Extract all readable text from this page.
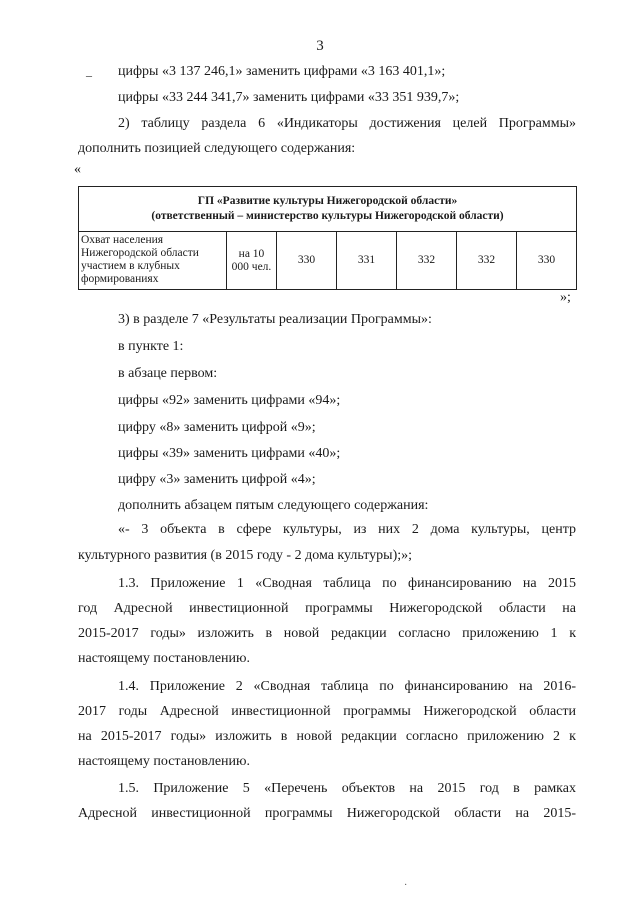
3
– цифры «3 137 246,1» заменить цифрами «3 163 401,1»;
цифры «33 244 341,7» заменить цифрами «33 351 939,7»;
2) таблицу раздела 6 «Индикаторы достижения целей Программы»
дополнить позицией следующего содержания:
«
ГП «Развитие культуры Нижегородской области»
(ответственный – министерство культуры Нижегородской области)

Охват населения Нижегородской области участием в клубных формированиях	на 10 000 чел.	330	331	332	332	330
»;
3) в разделе 7 «Результаты реализации Программы»:
в пункте 1:
в абзаце первом:
цифры «92» заменить цифрами «94»;
цифру «8» заменить цифрой «9»;
цифры «39» заменить цифрами «40»;
цифру «3» заменить цифрой «4»;
дополнить абзацем пятым следующего содержания:
«- 3 объекта в сфере культуры, из них 2 дома культуры, центр
культурного развития (в 2015 году - 2 дома культуры);»;
1.3. Приложение 1 «Сводная таблица по финансированию на 2015
год Адресной инвестиционной программы Нижегородской области на
2015-2017 годы» изложить в новой редакции согласно приложению 1 к
настоящему постановлению.
1.4. Приложение 2 «Сводная таблица по финансированию на 2016-
2017 годы Адресной инвестиционной программы Нижегородской области
на 2015-2017 годы» изложить в новой редакции согласно приложению 2 к
настоящему постановлению.
1.5. Приложение 5 «Перечень объектов на 2015 год в рамках
Адресной инвестиционной программы Нижегородской области на 2015-
·
